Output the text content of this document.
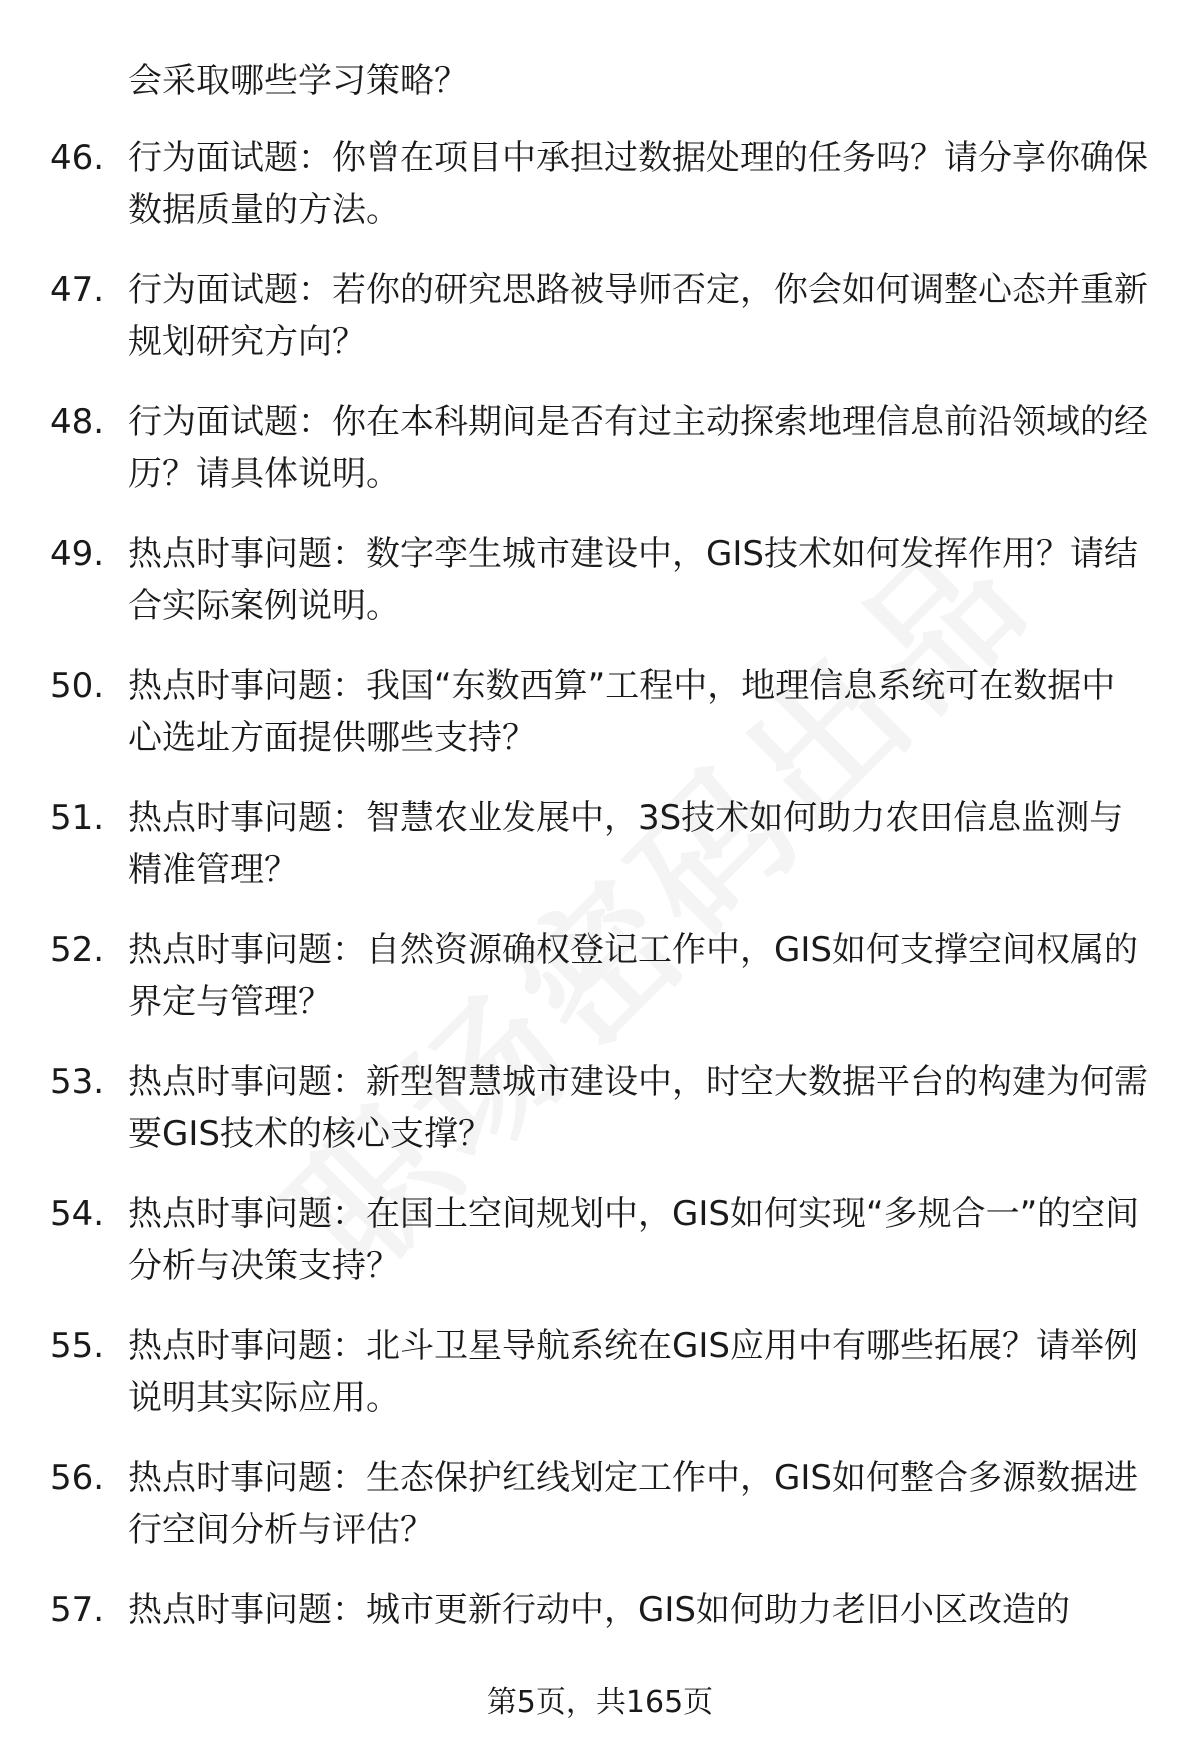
会采取哪些学习策略？

46. 行为面试题：你曾在项目中承担过数据处理的任务吗？请分享你确保数据质量的方法。
47. 行为面试题：若你的研究思路被导师否定，你会如何调整心态并重新规划研究方向？
48. 行为面试题：你在本科期间是否有过主动探索地理信息前沿领域的经历？请具体说明。
49. 热点时事问题：数字孪生城市建设中，GIS技术如何发挥作用？请结合实际案例说明。
50. 热点时事问题：我国“东数西算”工程中，地理信息系统可在数据中心选址方面提供哪些支持？
51. 热点时事问题：智慧农业发展中，3S技术如何助力农田信息监测与精准管理？
52. 热点时事问题：自然资源确权登记工作中，GIS如何支撑空间权属的界定与管理？
53. 热点时事问题：新型智慧城市建设中，时空大数据平台的构建为何需要GIS技术的核心支撑？
54. 热点时事问题：在国土空间规划中，GIS如何实现“多规合一”的空间分析与决策支持？
55. 热点时事问题：北斗卫星导航系统在GIS应用中有哪些拓展？请举例说明其实际应用。
56. 热点时事问题：生态保护红线划定工作中，GIS如何整合多源数据进行空间分析与评估？
57. 热点时事问题：城市更新行动中，GIS如何助力老旧小区改造的
第5页，共165页
